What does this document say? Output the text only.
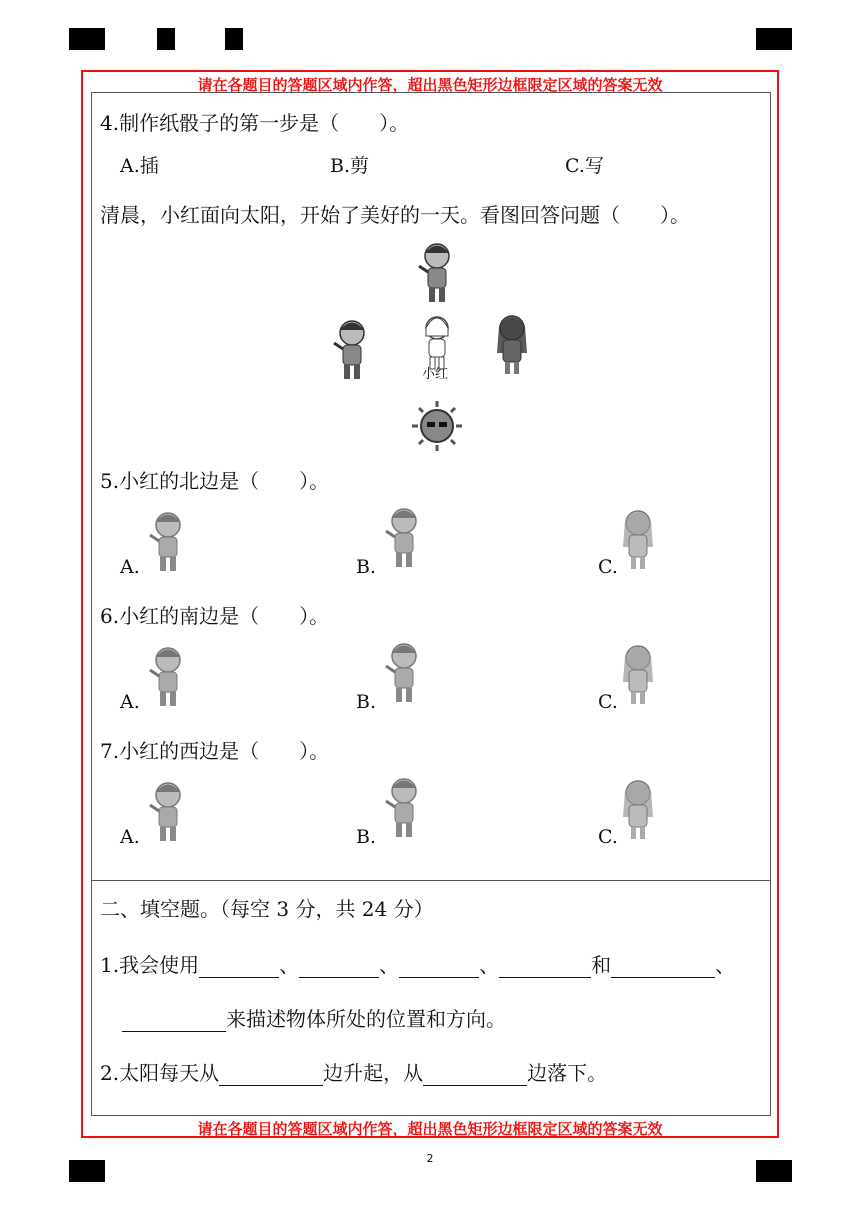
请在各题目的答题区域内作答，超出黑色矩形边框限定区域的答案无效
请在各题目的答题区域内作答，超出黑色矩形边框限定区域的答案无效
4.制作纸骰子的第一步是（　　）。
A.插	B.剪	C.写
清晨，小红面向太阳，开始了美好的一天。看图回答问题（　　）。
小红
5.小红的北边是（　　）。
A.	B.	C.
6.小红的南边是（　　）。
A.	B.	C.
7.小红的西边是（　　）。
A.	B.	C.
二、填空题。（每空 3 分，共 24 分）
1.我会使用	、	、	、	和	、
来描述物体所处的位置和方向。
2.太阳每天从	边升起，从	边落下。
2
